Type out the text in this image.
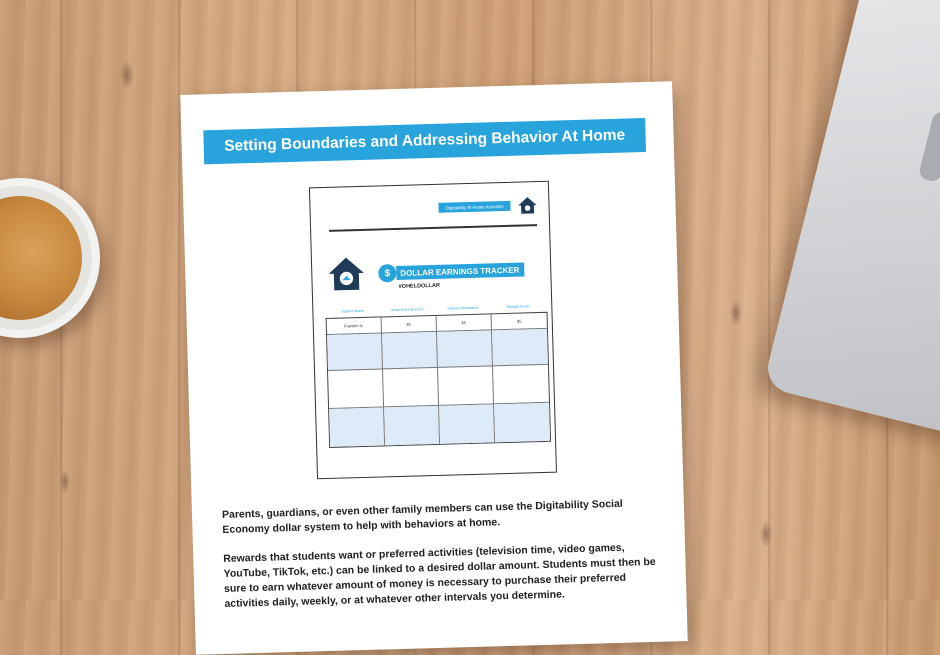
Setting Boundaries and Addressing Behavior At Home
Digitability At-Home Activities
$	DOLLAR EARNINGS TRACKER
#OHELDOLLAR
Student Name	What is the Amount?	Volume Information	Straight Score
Franklin N.	$5	$5	$5

Parents, guardians, or even other family members can use the Digitability Social Economy dollar system to help with behaviors at home.

Rewards that students want or preferred activities (television time, video games, YouTube, TikTok, etc.) can be linked to a desired dollar amount. Students must then be sure to earn whatever amount of money is necessary to purchase their preferred activities daily, weekly, or at whatever other intervals you determine.
